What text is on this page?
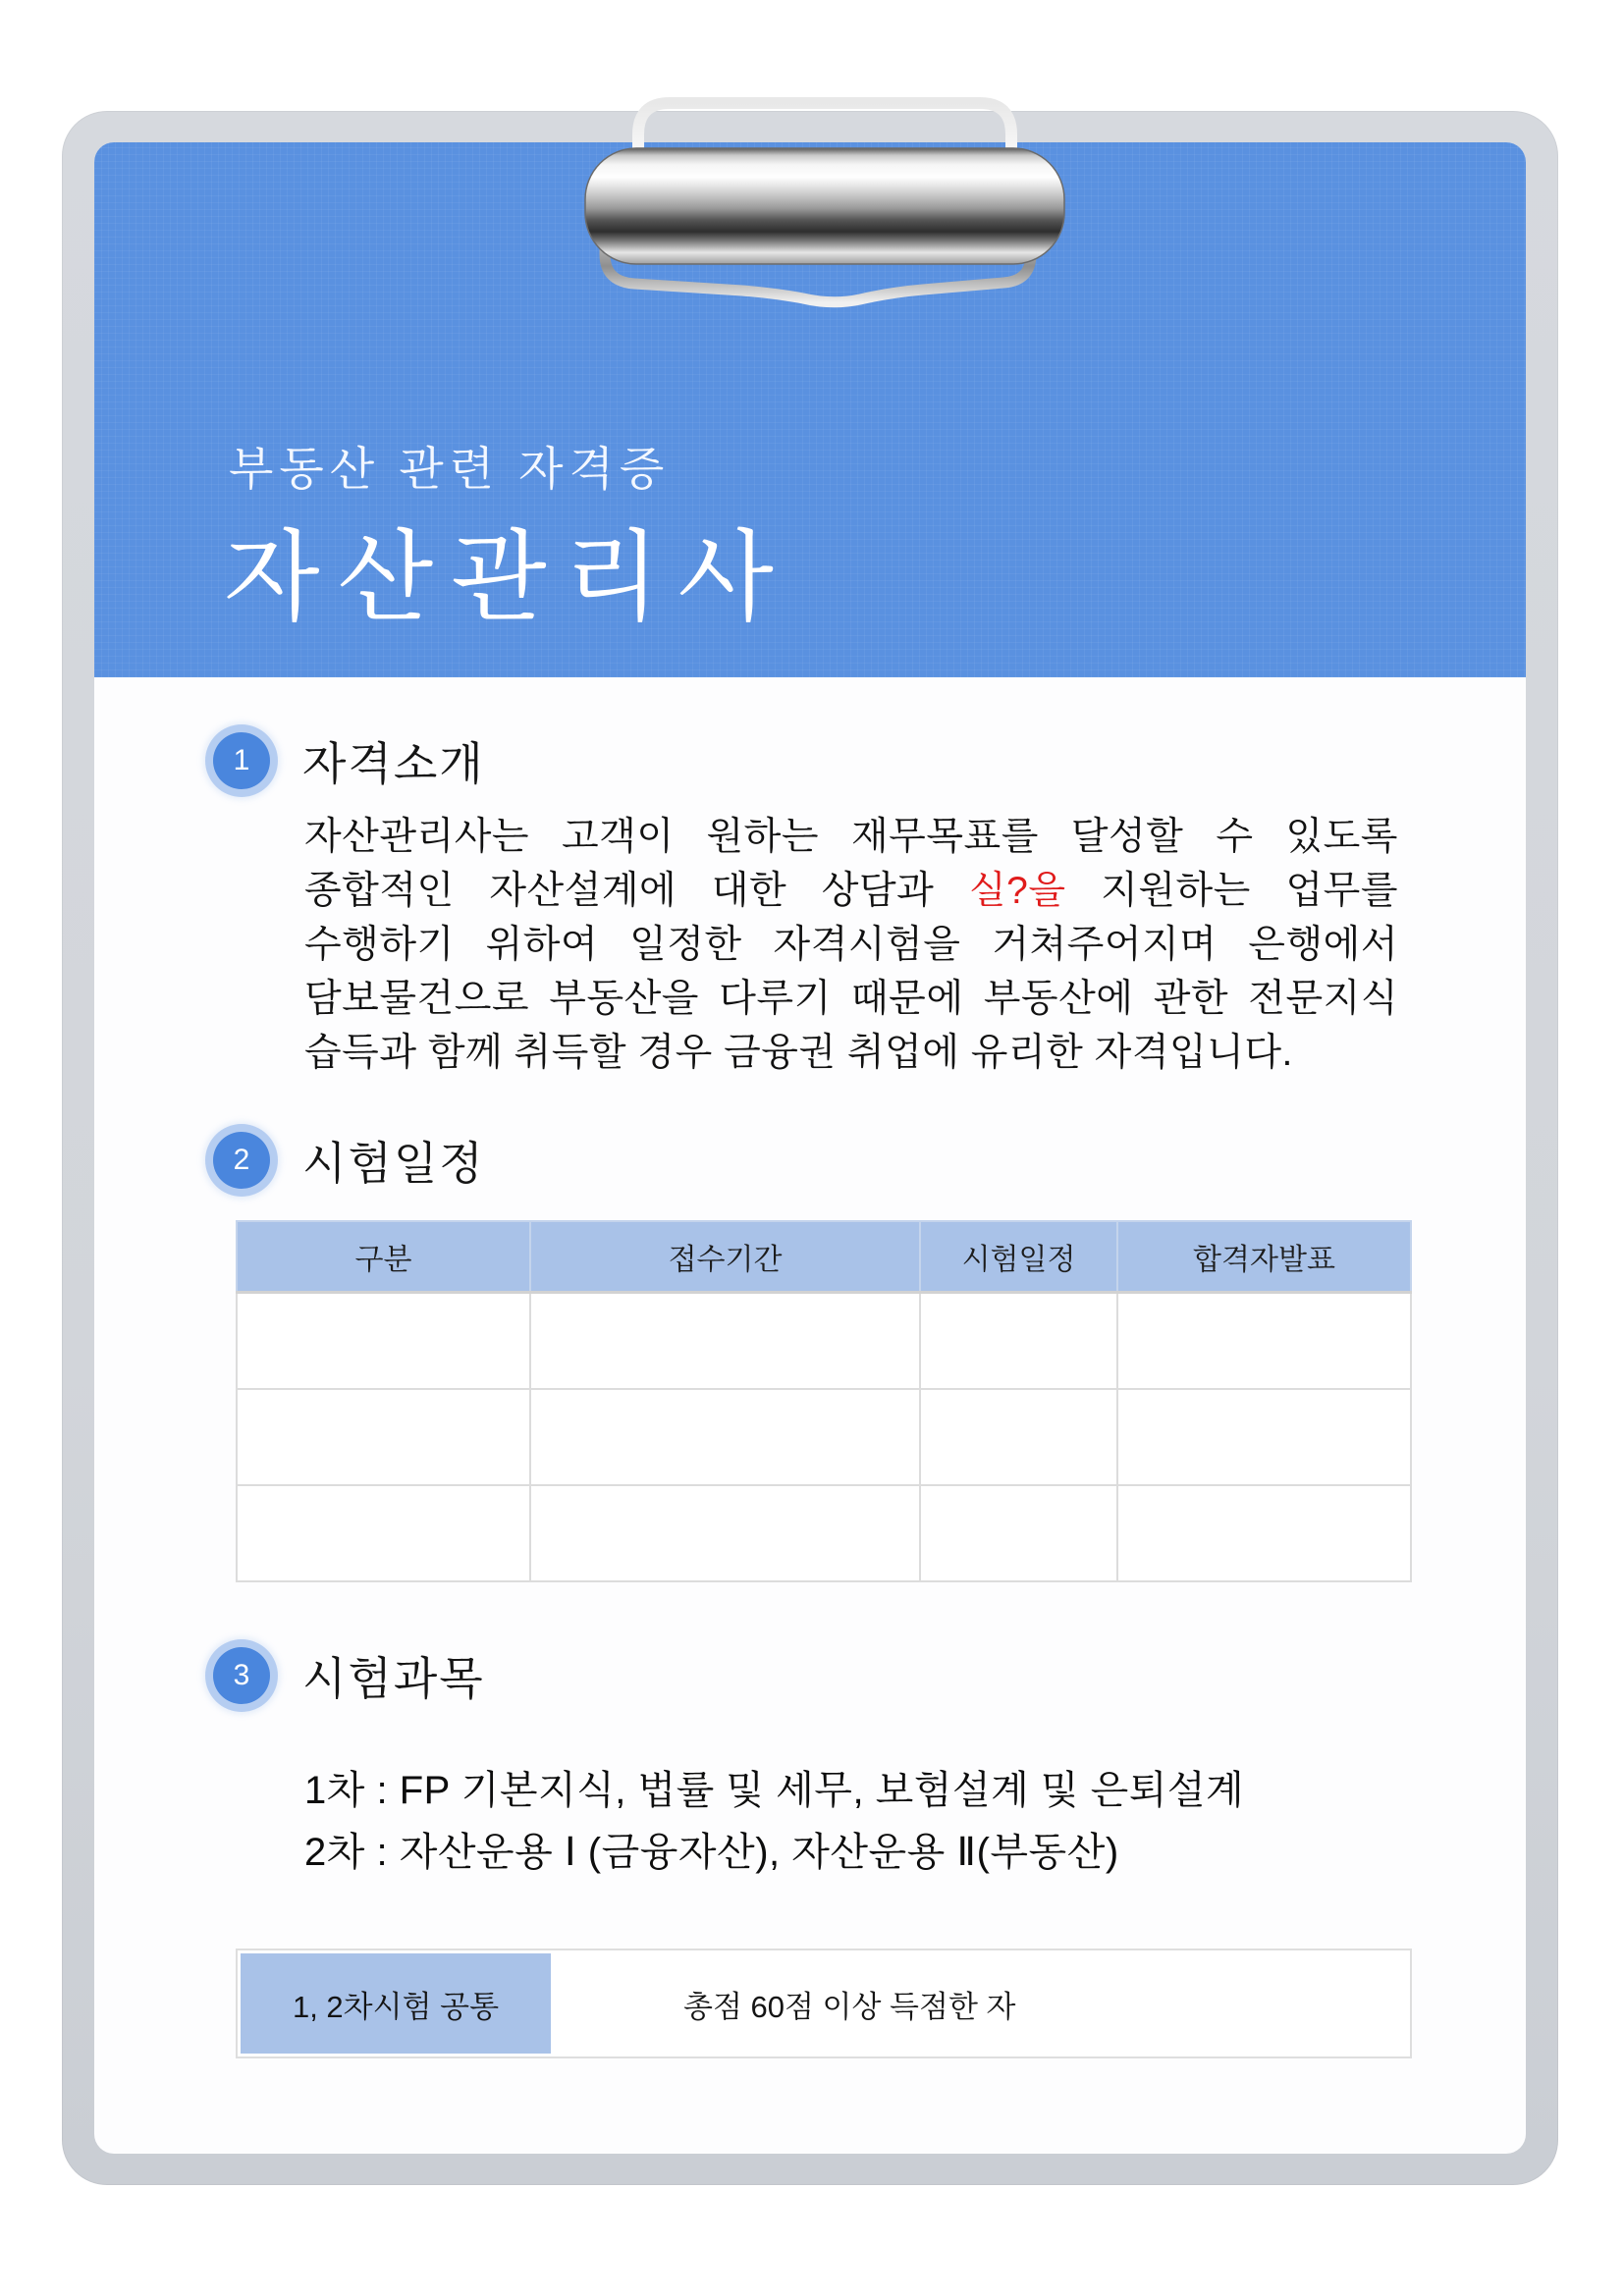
부동산 관련 자격증
자산관리사
1	자격소개

자산관리사는 고객이 원하는 재무목표를 달성할 수 있도록 종합적인 자산설계에 대한 상담과 실?을 지원하는 업무를 수행하기 위하여 일정한 자격시험을 거쳐주어지며 은행에서 담보물건으로 부동산을 다루기 때문에 부동산에 관한 전문지식 습득과 함께 취득할 경우 금융권 취업에 유리한 자격입니다.

2	시험일정
구분	접수기간	시험일정	합격자발표

3	시험과목
1차 : FP 기본지식, 법률 및 세무, 보험설계 및 은퇴설계
2차 : 자산운용 Ⅰ (금융자산), 자산운용 Ⅱ(부동산)
1, 2차시험 공통	총점 60점 이상 득점한 자
